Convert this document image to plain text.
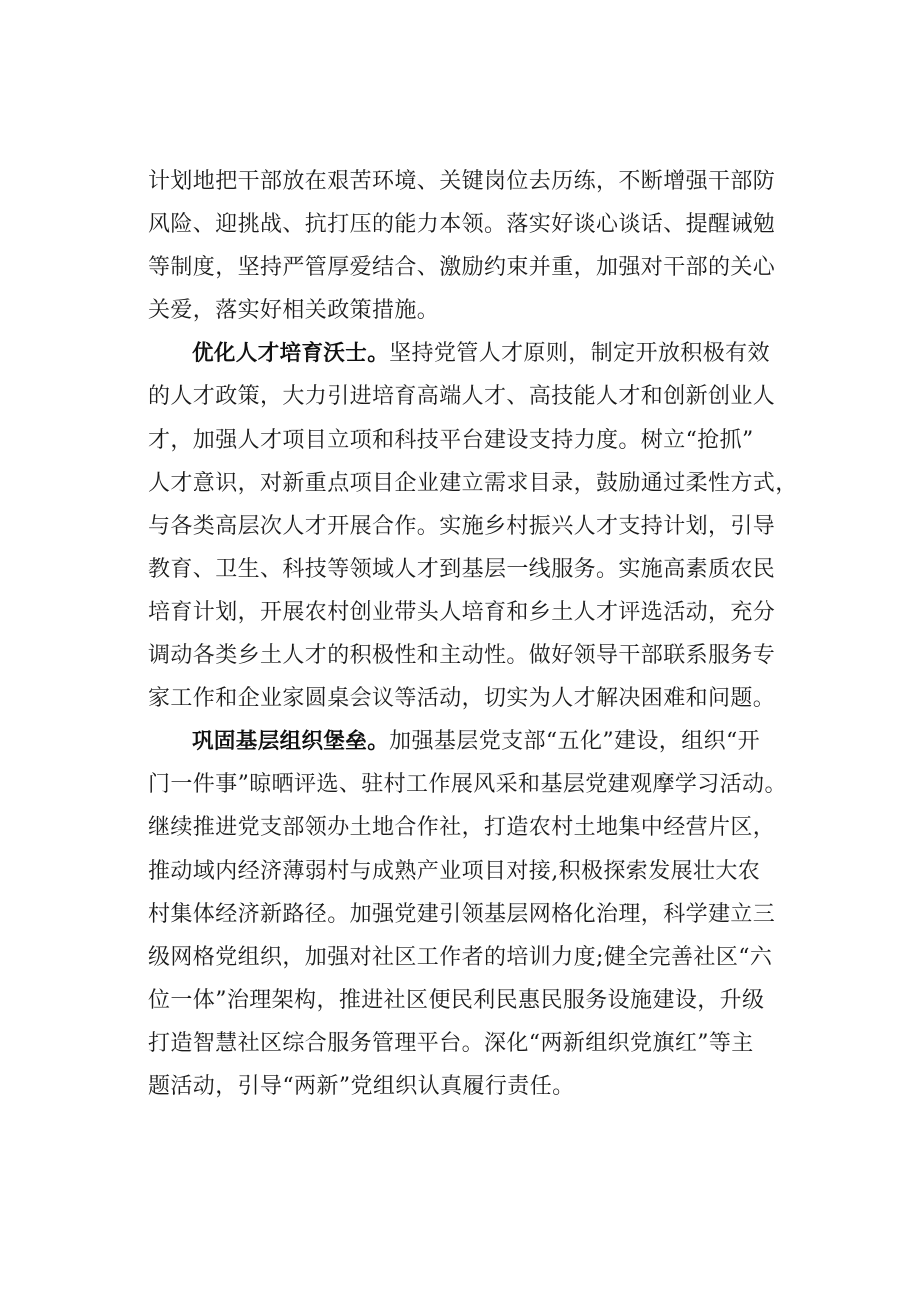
计划地把干部放在艰苦环境、关键岗位去历练，不断增强干部防
风险、迎挑战、抗打压的能力本领。落实好谈心谈话、提醒诫勉
等制度，坚持严管厚爱结合、激励约束并重，加强对干部的关心
关爱，落实好相关政策措施。
优化人才培育沃士。坚持党管人才原则，制定开放积极有效
的人才政策，大力引进培育高端人才、高技能人才和创新创业人
才，加强人才项目立项和科技平台建设支持力度。树立“抢抓”
人才意识，对新重点项目企业建立需求目录，鼓励通过柔性方式，
与各类高层次人才开展合作。实施乡村振兴人才支持计划，引导
教育、卫生、科技等领域人才到基层一线服务。实施高素质农民
培育计划，开展农村创业带头人培育和乡土人才评选活动，充分
调动各类乡土人才的积极性和主动性。做好领导干部联系服务专
家工作和企业家圆桌会议等活动，切实为人才解决困难和问题。
巩固基层组织堡垒。加强基层党支部“五化”建设，组织“开
门一件事”晾晒评选、驻村工作展风采和基层党建观摩学习活动。
继续推进党支部领办土地合作社，打造农村土地集中经营片区，
推动域内经济薄弱村与成熟产业项目对接,积极探索发展壮大农
村集体经济新路径。加强党建引领基层网格化治理，科学建立三
级网格党组织，加强对社区工作者的培训力度;健全完善社区“六
位一体”治理架构，推进社区便民利民惠民服务设施建设，升级
打造智慧社区综合服务管理平台。深化“两新组织党旗红”等主
题活动，引导“两新”党组织认真履行责任。
